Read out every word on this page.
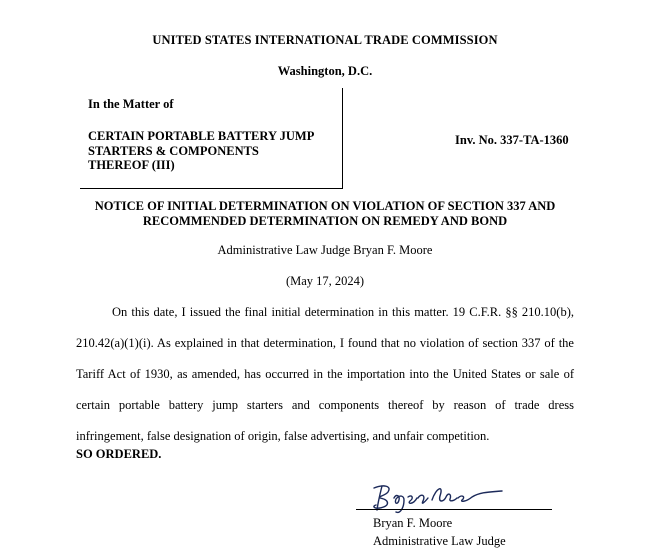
UNITED STATES INTERNATIONAL TRADE COMMISSION
Washington, D.C.
In the Matter of
CERTAIN PORTABLE BATTERY JUMP
STARTERS & COMPONENTS
THEREOF (III)
Inv. No. 337-TA-1360
NOTICE OF INITIAL DETERMINATION ON VIOLATION OF SECTION 337 AND
RECOMMENDED DETERMINATION ON REMEDY AND BOND
Administrative Law Judge Bryan F. Moore
(May 17, 2024)
On this date, I issued the final initial determination in this matter. 19 C.F.R. §§ 210.10(b), 210.42(a)(1)(i). As explained in that determination, I found that no violation of section 337 of the Tariff Act of 1930, as amended, has occurred in the importation into the United States or sale of certain portable battery jump starters and components thereof by reason of trade dress infringement, false designation of origin, false advertising, and unfair competition.
SO ORDERED.
Bryan F. Moore
Administrative Law Judge
